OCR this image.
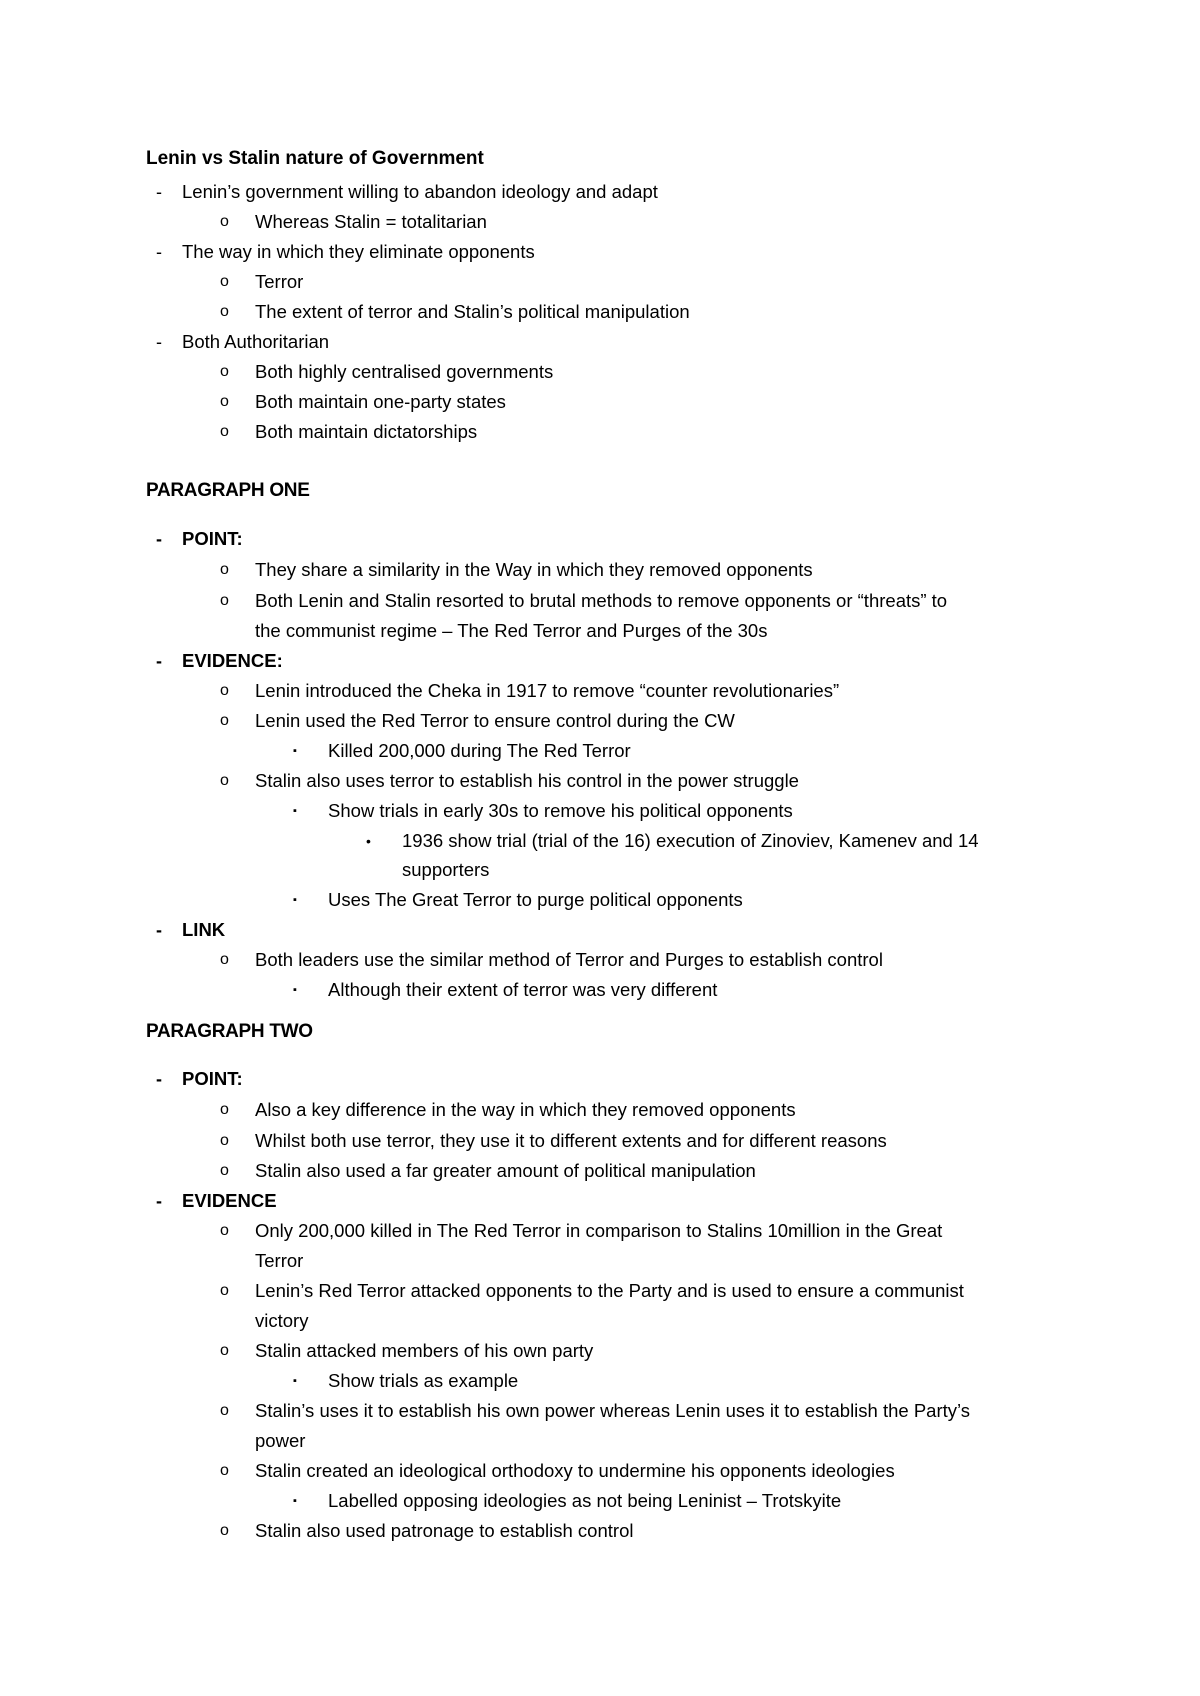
Lenin vs Stalin nature of Government
- Lenin’s government willing to abandon ideology and adapt
o Whereas Stalin = totalitarian
- The way in which they eliminate opponents
o Terror
o The extent of terror and Stalin’s political manipulation
- Both Authoritarian
o Both highly centralised governments
o Both maintain one-party states
o Both maintain dictatorships
PARAGRAPH ONE
- POINT:
o They share a similarity in the Way in which they removed opponents
o Both Lenin and Stalin resorted to brutal methods to remove opponents or “threats” to
the communist regime – The Red Terror and Purges of the 30s
- EVIDENCE:
o Lenin introduced the Cheka in 1917 to remove “counter revolutionaries”
o Lenin used the Red Terror to ensure control during the CW
▪ Killed 200,000 during The Red Terror
o Stalin also uses terror to establish his control in the power struggle
▪ Show trials in early 30s to remove his political opponents
• 1936 show trial (trial of the 16) execution of Zinoviev, Kamenev and 14
supporters
▪ Uses The Great Terror to purge political opponents
- LINK
o Both leaders use the similar method of Terror and Purges to establish control
▪ Although their extent of terror was very different
PARAGRAPH TWO
- POINT:
o Also a key difference in the way in which they removed opponents
o Whilst both use terror, they use it to different extents and for different reasons
o Stalin also used a far greater amount of political manipulation
- EVIDENCE
o Only 200,000 killed in The Red Terror in comparison to Stalins 10million in the Great
Terror
o Lenin’s Red Terror attacked opponents to the Party and is used to ensure a communist
victory
o Stalin attacked members of his own party
▪ Show trials as example
o Stalin’s uses it to establish his own power whereas Lenin uses it to establish the Party’s
power
o Stalin created an ideological orthodoxy to undermine his opponents ideologies
▪ Labelled opposing ideologies as not being Leninist – Trotskyite
o Stalin also used patronage to establish control
